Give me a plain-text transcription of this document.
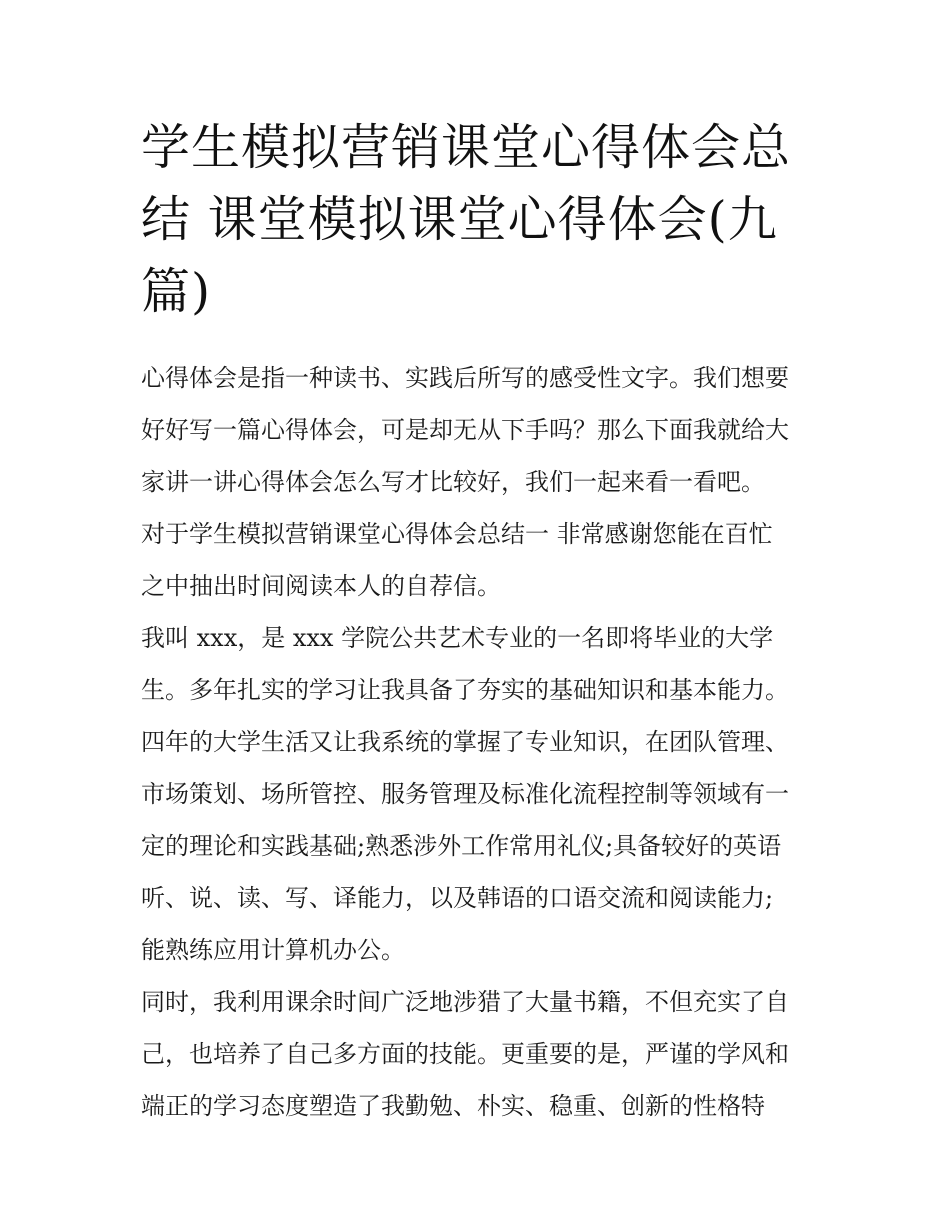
学生模拟营销课堂心得体会总
结 课堂模拟课堂心得体会(九
篇)

心得体会是指一种读书、实践后所写的感受性文字。我们想要
好好写一篇心得体会，可是却无从下手吗？那么下面我就给大
家讲一讲心得体会怎么写才比较好，我们一起来看一看吧。

对于学生模拟营销课堂心得体会总结一 非常感谢您能在百忙
之中抽出时间阅读本人的自荐信。

我叫 xxx，是 xxx 学院公共艺术专业的一名即将毕业的大学
生。多年扎实的学习让我具备了夯实的基础知识和基本能力。
四年的大学生活又让我系统的掌握了专业知识，在团队管理、
市场策划、场所管控、服务管理及标准化流程控制等领域有一
定的理论和实践基础;熟悉涉外工作常用礼仪;具备较好的英语
听、说、读、写、译能力，以及韩语的口语交流和阅读能力;
能熟练应用计算机办公。

同时，我利用课余时间广泛地涉猎了大量书籍，不但充实了自
己，也培养了自己多方面的技能。更重要的是，严谨的学风和
端正的学习态度塑造了我勤勉、朴实、稳重、创新的性格特
